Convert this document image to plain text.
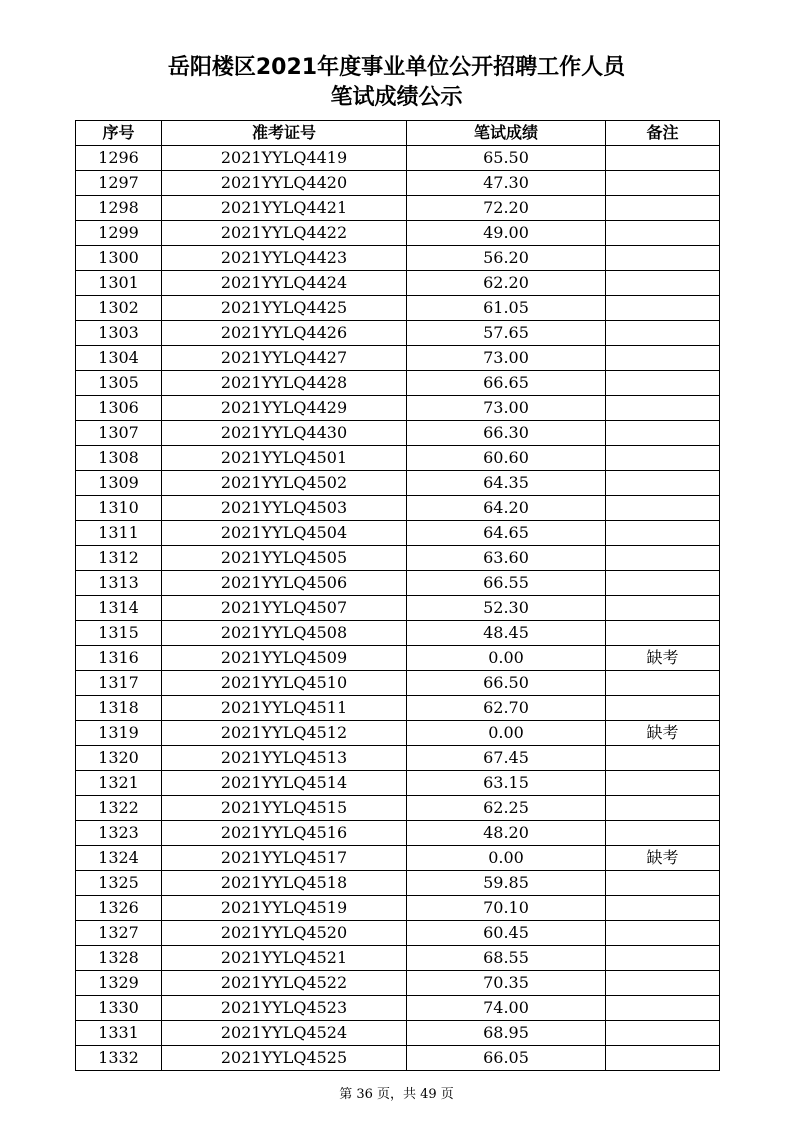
岳阳楼区2021年度事业单位公开招聘工作人员
笔试成绩公示
序号	准考证号	笔试成绩	备注
1296	2021YYLQ4419	65.50	
1297	2021YYLQ4420	47.30	
1298	2021YYLQ4421	72.20	
1299	2021YYLQ4422	49.00	
1300	2021YYLQ4423	56.20	
1301	2021YYLQ4424	62.20	
1302	2021YYLQ4425	61.05	
1303	2021YYLQ4426	57.65	
1304	2021YYLQ4427	73.00	
1305	2021YYLQ4428	66.65	
1306	2021YYLQ4429	73.00	
1307	2021YYLQ4430	66.30	
1308	2021YYLQ4501	60.60	
1309	2021YYLQ4502	64.35	
1310	2021YYLQ4503	64.20	
1311	2021YYLQ4504	64.65	
1312	2021YYLQ4505	63.60	
1313	2021YYLQ4506	66.55	
1314	2021YYLQ4507	52.30	
1315	2021YYLQ4508	48.45	
1316	2021YYLQ4509	0.00	缺考
1317	2021YYLQ4510	66.50	
1318	2021YYLQ4511	62.70	
1319	2021YYLQ4512	0.00	缺考
1320	2021YYLQ4513	67.45	
1321	2021YYLQ4514	63.15	
1322	2021YYLQ4515	62.25	
1323	2021YYLQ4516	48.20	
1324	2021YYLQ4517	0.00	缺考
1325	2021YYLQ4518	59.85	
1326	2021YYLQ4519	70.10	
1327	2021YYLQ4520	60.45	
1328	2021YYLQ4521	68.55	
1329	2021YYLQ4522	70.35	
1330	2021YYLQ4523	74.00	
1331	2021YYLQ4524	68.95	
1332	2021YYLQ4525	66.05	
第 36 页，共 49 页
